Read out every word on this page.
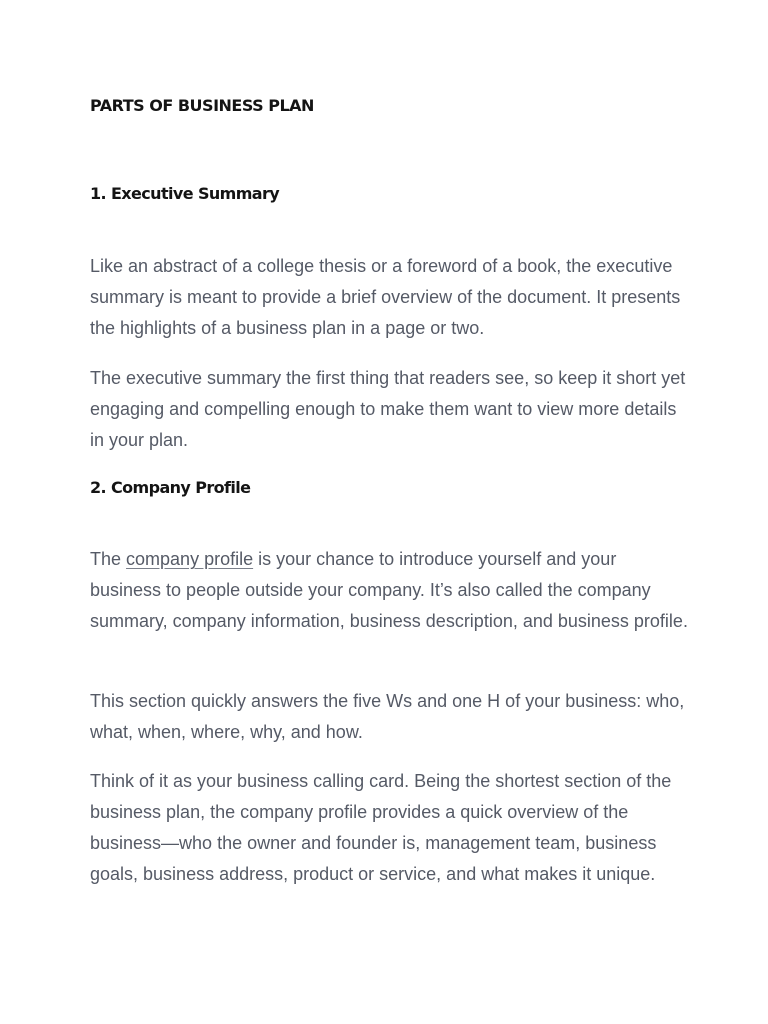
PARTS OF BUSINESS PLAN
1. Executive Summary

Like an abstract of a college thesis or a foreword of a book, the executive summary is meant to provide a brief overview of the document. It presents the highlights of a business plan in a page or two.

The executive summary the first thing that readers see, so keep it short yet engaging and compelling enough to make them want to view more details in your plan.

2. Company Profile

The company profile is your chance to introduce yourself and your business to people outside your company. It’s also called the company summary, company information, business description, and business profile.

This section quickly answers the five Ws and one H of your business: who, what, when, where, why, and how.

Think of it as your business calling card. Being the shortest section of the business plan, the company profile provides a quick overview of the business—who the owner and founder is, management team, business goals, business address, product or service, and what makes it unique.
